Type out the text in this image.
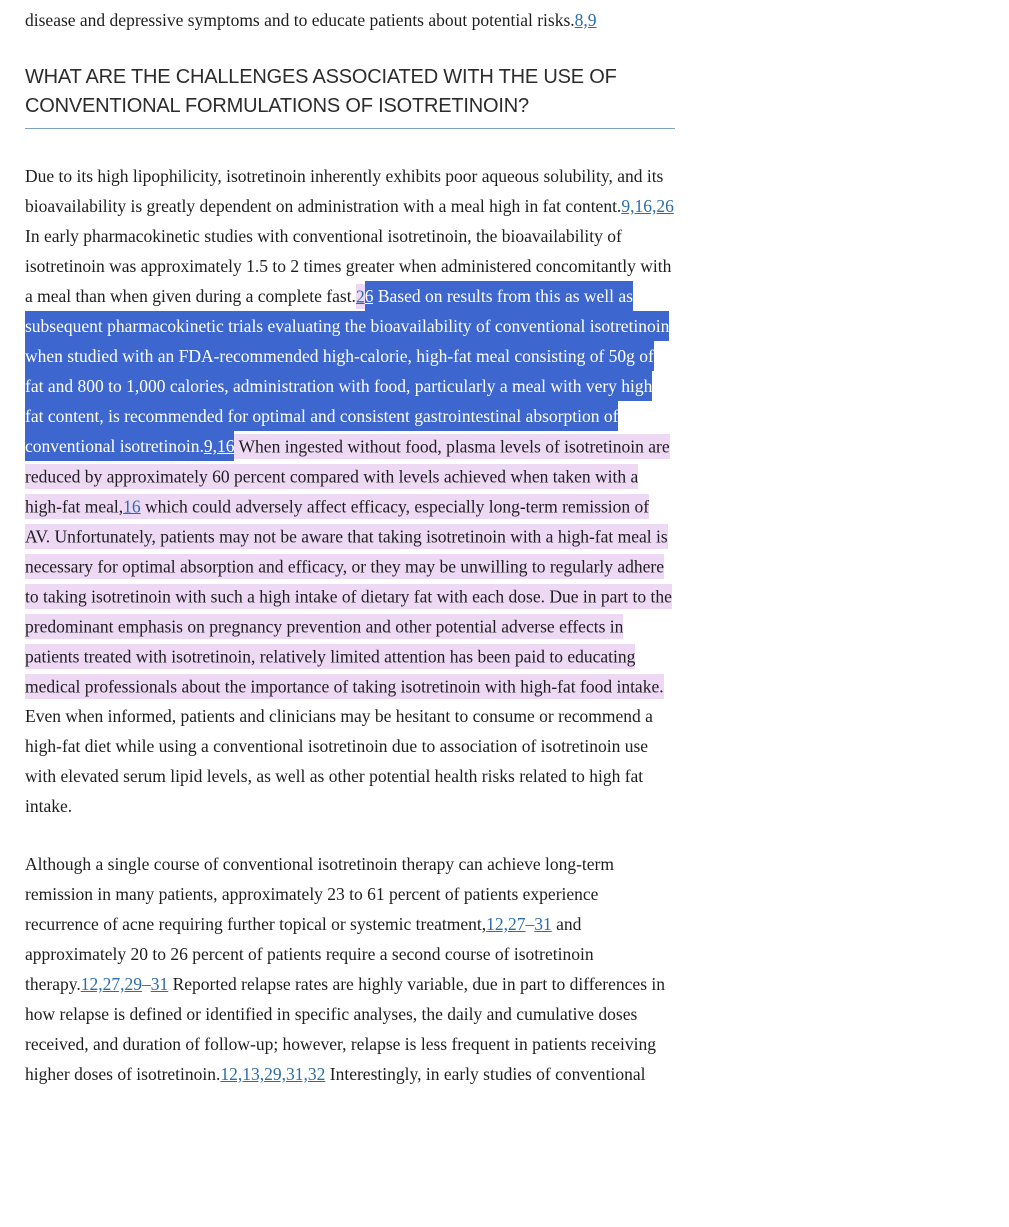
disease and depressive symptoms and to educate patients about potential risks.8,9

WHAT ARE THE CHALLENGES ASSOCIATED WITH THE USE OF CONVENTIONAL FORMULATIONS OF ISOTRETINOIN?

Due to its high lipophilicity, isotretinoin inherently exhibits poor aqueous solubility, and its bioavailability is greatly dependent on administration with a meal high in fat content.9,16,26 In early pharmacokinetic studies with conventional isotretinoin, the bioavailability of isotretinoin was approximately 1.5 to 2 times greater when administered concomitantly with a meal than when given during a complete fast.26 Based on results from this as well as subsequent pharmacokinetic trials evaluating the bioavailability of conventional isotretinoin when studied with an FDA-recommended high-calorie, high-fat meal consisting of 50g of fat and 800 to 1,000 calories, administration with food, particularly a meal with very high fat content, is recommended for optimal and consistent gastrointestinal absorption of conventional isotretinoin.9,16 When ingested without food, plasma levels of isotretinoin are reduced by approximately 60 percent compared with levels achieved when taken with a high-fat meal,16 which could adversely affect efficacy, especially long-term remission of AV. Unfortunately, patients may not be aware that taking isotretinoin with a high-fat meal is necessary for optimal absorption and efficacy, or they may be unwilling to regularly adhere to taking isotretinoin with such a high intake of dietary fat with each dose. Due in part to the predominant emphasis on pregnancy prevention and other potential adverse effects in patients treated with isotretinoin, relatively limited attention has been paid to educating medical professionals about the importance of taking isotretinoin with high-fat food intake. Even when informed, patients and clinicians may be hesitant to consume or recommend a high-fat diet while using a conventional isotretinoin due to association of isotretinoin use with elevated serum lipid levels, as well as other potential health risks related to high fat intake.

Although a single course of conventional isotretinoin therapy can achieve long-term remission in many patients, approximately 23 to 61 percent of patients experience recurrence of acne requiring further topical or systemic treatment,12,27–31 and approximately 20 to 26 percent of patients require a second course of isotretinoin therapy.12,27,29–31 Reported relapse rates are highly variable, due in part to differences in how relapse is defined or identified in specific analyses, the daily and cumulative doses received, and duration of follow-up; however, relapse is less frequent in patients receiving higher doses of isotretinoin.12,13,29,31,32 Interestingly, in early studies of conventional
